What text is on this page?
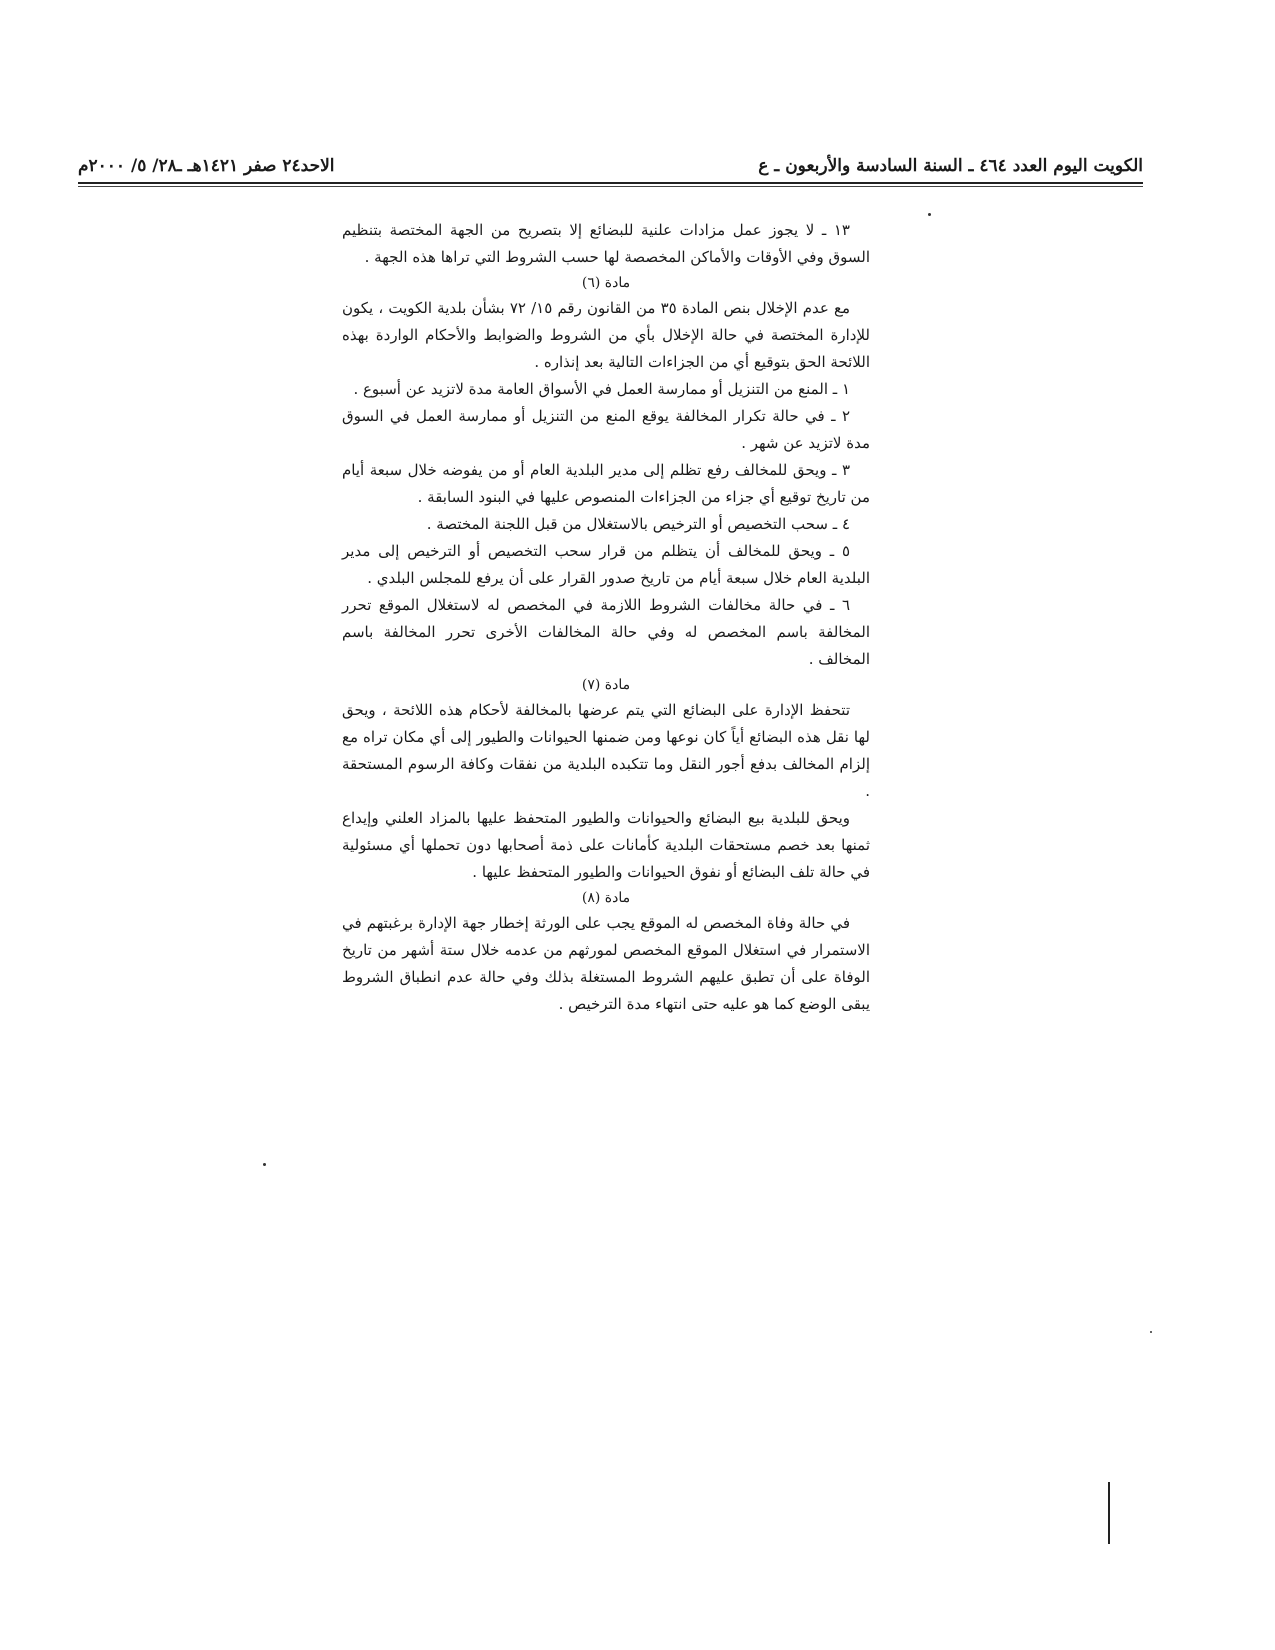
الكويت اليوم العدد ٤٦٤ ـ السنة السادسة والأربعون ـ ع
الاحد٢٤ صفر ١٤٢١هـ ـ٢٨/ ٥/ ٢٠٠٠م

١٣ ـ لا يجوز عمل مزادات علنية للبضائع إلا بتصريح من الجهة المختصة بتنظيم السوق وفي الأوقات والأماكن المخصصة لها حسب الشروط التي تراها هذه الجهة .

مادة (٦)

مع عدم الإخلال بنص المادة ٣٥ من القانون رقم ١٥/ ٧٢ بشأن بلدية الكويت ، يكون للإدارة المختصة في حالة الإخلال بأي من الشروط والضوابط والأحكام الواردة بهذه اللائحة الحق بتوقيع أي من الجزاءات التالية بعد إنذاره .

١ ـ المنع من التنزيل أو ممارسة العمل في الأسواق العامة مدة لاتزيد عن أسبوع .

٢ ـ في حالة تكرار المخالفة يوقع المنع من التنزيل أو ممارسة العمل في السوق مدة لاتزيد عن شهر .

٣ ـ ويحق للمخالف رفع تظلم إلى مدير البلدية العام أو من يفوضه خلال سبعة أيام من تاريخ توقيع أي جزاء من الجزاءات المنصوص عليها في البنود السابقة .

٤ ـ سحب التخصيص أو الترخيص بالاستغلال من قبل اللجنة المختصة .

٥ ـ ويحق للمخالف أن يتظلم من قرار سحب التخصيص أو الترخيص إلى مدير البلدية العام خلال سبعة أيام من تاريخ صدور القرار على أن يرفع للمجلس البلدي .

٦ ـ في حالة مخالفات الشروط اللازمة في المخصص له لاستغلال الموقع تحرر المخالفة باسم المخصص له وفي حالة المخالفات الأخرى تحرر المخالفة باسم المخالف .

مادة (٧)

تتحفظ الإدارة على البضائع التي يتم عرضها بالمخالفة لأحكام هذه اللائحة ، ويحق لها نقل هذه البضائع أياً كان نوعها ومن ضمنها الحيوانات والطيور إلى أي مكان تراه مع إلزام المخالف بدفع أجور النقل وما تتكبده البلدية من نفقات وكافة الرسوم المستحقة .

ويحق للبلدية بيع البضائع والحيوانات والطيور المتحفظ عليها بالمزاد العلني وإيداع ثمنها بعد خصم مستحقات البلدية كأمانات على ذمة أصحابها دون تحملها أي مسئولية في حالة تلف البضائع أو نفوق الحيوانات والطيور المتحفظ عليها .

مادة (٨)

في حالة وفاة المخصص له الموقع يجب على الورثة إخطار جهة الإدارة برغبتهم في الاستمرار في استغلال الموقع المخصص لمورثهم من عدمه خلال ستة أشهر من تاريخ الوفاة على أن تطبق عليهم الشروط المستغلة بذلك وفي حالة عدم انطباق الشروط يبقى الوضع كما هو عليه حتى انتهاء مدة الترخيص .
